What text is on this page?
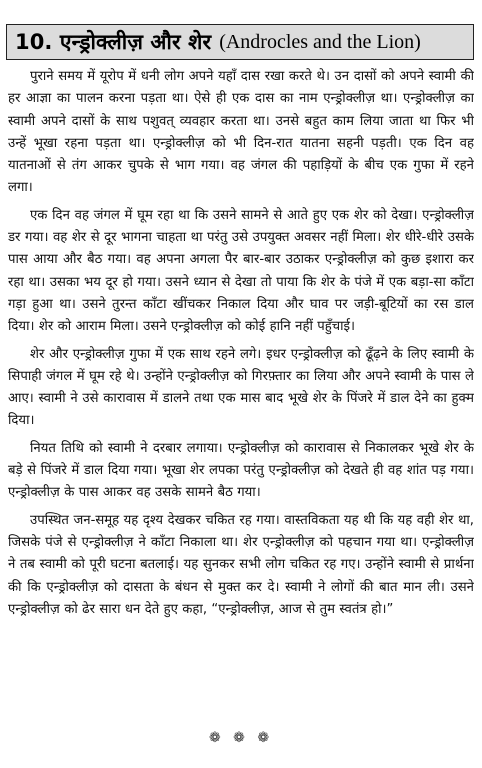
10. एन्ड्रोक्लीज़ और शेर (Androcles and the Lion)

पुराने समय में यूरोप में धनी लोग अपने यहाँ दास रखा करते थे। उन दासों को अपने स्वामी की हर आज्ञा का पालन करना पड़ता था। ऐसे ही एक दास का नाम एन्ड्रोक्लीज़ था। एन्ड्रोक्लीज़ का स्वामी अपने दासों के साथ पशुवत् व्यवहार करता था। उनसे बहुत काम लिया जाता था फिर भी उन्हें भूखा रहना पड़ता था। एन्ड्रोक्लीज़ को भी दिन-रात यातना सहनी पड़ती। एक दिन वह यातनाओं से तंग आकर चुपके से भाग गया। वह जंगल की पहाड़ियों के बीच एक गुफा में रहने लगा।

एक दिन वह जंगल में घूम रहा था कि उसने सामने से आते हुए एक शेर को देखा। एन्ड्रोक्लीज़ डर गया। वह शेर से दूर भागना चाहता था परंतु उसे उपयुक्त अवसर नहीं मिला। शेर धीरे-धीरे उसके पास आया और बैठ गया। वह अपना अगला पैर बार-बार उठाकर एन्ड्रोक्लीज़ को कुछ इशारा कर रहा था। उसका भय दूर हो गया। उसने ध्यान से देखा तो पाया कि शेर के पंजे में एक बड़ा-सा काँटा गड़ा हुआ था। उसने तुरन्त काँटा खींचकर निकाल दिया और घाव पर जड़ी-बूटियों का रस डाल दिया। शेर को आराम मिला। उसने एन्ड्रोक्लीज़ को कोई हानि नहीं पहुँचाई।

शेर और एन्ड्रोक्लीज़ गुफा में एक साथ रहने लगे। इधर एन्ड्रोक्लीज़ को ढूँढ़ने के लिए स्वामी के सिपाही जंगल में घूम रहे थे। उन्होंने एन्ड्रोक्लीज़ को गिरफ़्तार का लिया और अपने स्वामी के पास ले आए। स्वामी ने उसे कारावास में डालने तथा एक मास बाद भूखे शेर के पिंजरे में डाल देने का हुक्म दिया।

नियत तिथि को स्वामी ने दरबार लगाया। एन्ड्रोक्लीज़ को कारावास से निकालकर भूखे शेर के बड़े से पिंजरे में डाल दिया गया। भूखा शेर लपका परंतु एन्ड्रोक्लीज़ को देखते ही वह शांत पड़ गया। एन्ड्रोक्लीज़ के पास आकर वह उसके सामने बैठ गया।

उपस्थित जन-समूह यह दृश्य देखकर चकित रह गया। वास्तविकता यह थी कि यह वही शेर था, जिसके पंजे से एन्ड्रोक्लीज़ ने काँटा निकाला था। शेर एन्ड्रोक्लीज़ को पहचान गया था। एन्ड्रोक्लीज़ ने तब स्वामी को पूरी घटना बतलाई। यह सुनकर सभी लोग चकित रह गए। उन्होंने स्वामी से प्रार्थना की कि एन्ड्रोक्लीज़ को दासता के बंधन से मुक्त कर दे। स्वामी ने लोगों की बात मान ली। उसने एन्ड्रोक्लीज़ को ढेर सारा धन देते हुए कहा, “एन्ड्रोक्लीज़, आज से तुम स्वतंत्र हो।”

❁ ❁ ❁
